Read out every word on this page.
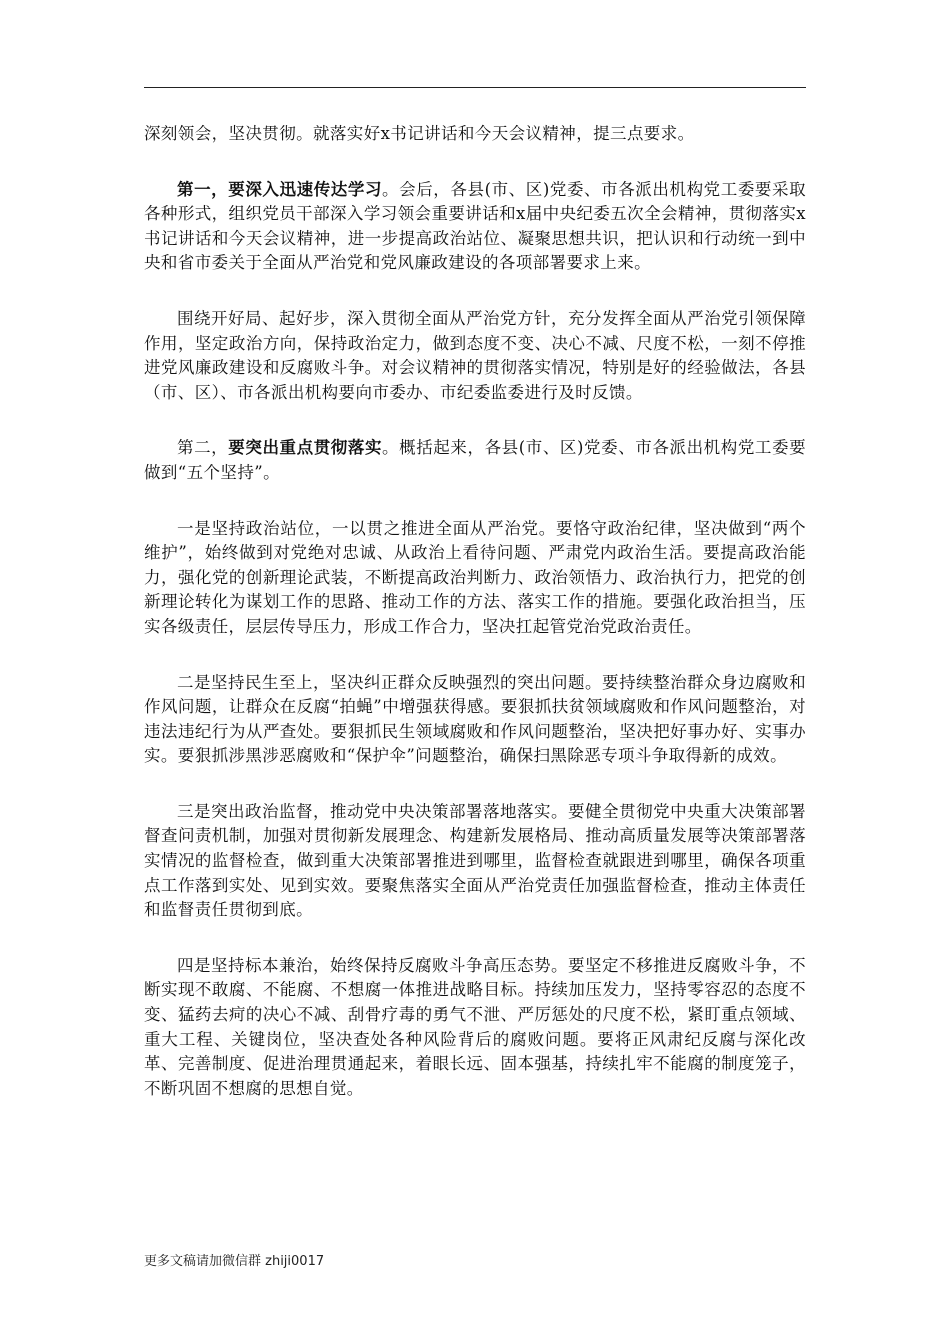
深刻领会，坚决贯彻。就落实好x书记讲话和今天会议精神，提三点要求。

第一，要深入迅速传达学习。会后，各县(市、区)党委、市各派出机构党工委要采取各种形式，组织党员干部深入学习领会重要讲话和x届中央纪委五次全会精神，贯彻落实x书记讲话和今天会议精神，进一步提高政治站位、凝聚思想共识，把认识和行动统一到中央和省市委关于全面从严治党和党风廉政建设的各项部署要求上来。

围绕开好局、起好步，深入贯彻全面从严治党方针，充分发挥全面从严治党引领保障作用，坚定政治方向，保持政治定力，做到态度不变、决心不减、尺度不松，一刻不停推进党风廉政建设和反腐败斗争。对会议精神的贯彻落实情况，特别是好的经验做法，各县（市、区）、市各派出机构要向市委办、市纪委监委进行及时反馈。

第二，要突出重点贯彻落实。概括起来，各县(市、区)党委、市各派出机构党工委要做到“五个坚持”。

一是坚持政治站位，一以贯之推进全面从严治党。要恪守政治纪律，坚决做到“两个维护”，始终做到对党绝对忠诚、从政治上看待问题、严肃党内政治生活。要提高政治能力，强化党的创新理论武装，不断提高政治判断力、政治领悟力、政治执行力，把党的创新理论转化为谋划工作的思路、推动工作的方法、落实工作的措施。要强化政治担当，压实各级责任，层层传导压力，形成工作合力，坚决扛起管党治党政治责任。

二是坚持民生至上，坚决纠正群众反映强烈的突出问题。要持续整治群众身边腐败和作风问题，让群众在反腐“拍蝇”中增强获得感。要狠抓扶贫领域腐败和作风问题整治，对违法违纪行为从严查处。要狠抓民生领域腐败和作风问题整治，坚决把好事办好、实事办实。要狠抓涉黑涉恶腐败和“保护伞”问题整治，确保扫黑除恶专项斗争取得新的成效。

三是突出政治监督，推动党中央决策部署落地落实。要健全贯彻党中央重大决策部署督查问责机制，加强对贯彻新发展理念、构建新发展格局、推动高质量发展等决策部署落实情况的监督检查，做到重大决策部署推进到哪里，监督检查就跟进到哪里，确保各项重点工作落到实处、见到实效。要聚焦落实全面从严治党责任加强监督检查，推动主体责任和监督责任贯彻到底。

四是坚持标本兼治，始终保持反腐败斗争高压态势。要坚定不移推进反腐败斗争，不断实现不敢腐、不能腐、不想腐一体推进战略目标。持续加压发力，坚持零容忍的态度不变、猛药去疴的决心不减、刮骨疗毒的勇气不泄、严厉惩处的尺度不松，紧盯重点领域、重大工程、关键岗位，坚决查处各种风险背后的腐败问题。要将正风肃纪反腐与深化改革、完善制度、促进治理贯通起来，着眼长远、固本强基，持续扎牢不能腐的制度笼子，不断巩固不想腐的思想自觉。

更多文稿请加微信群 zhiji0017
